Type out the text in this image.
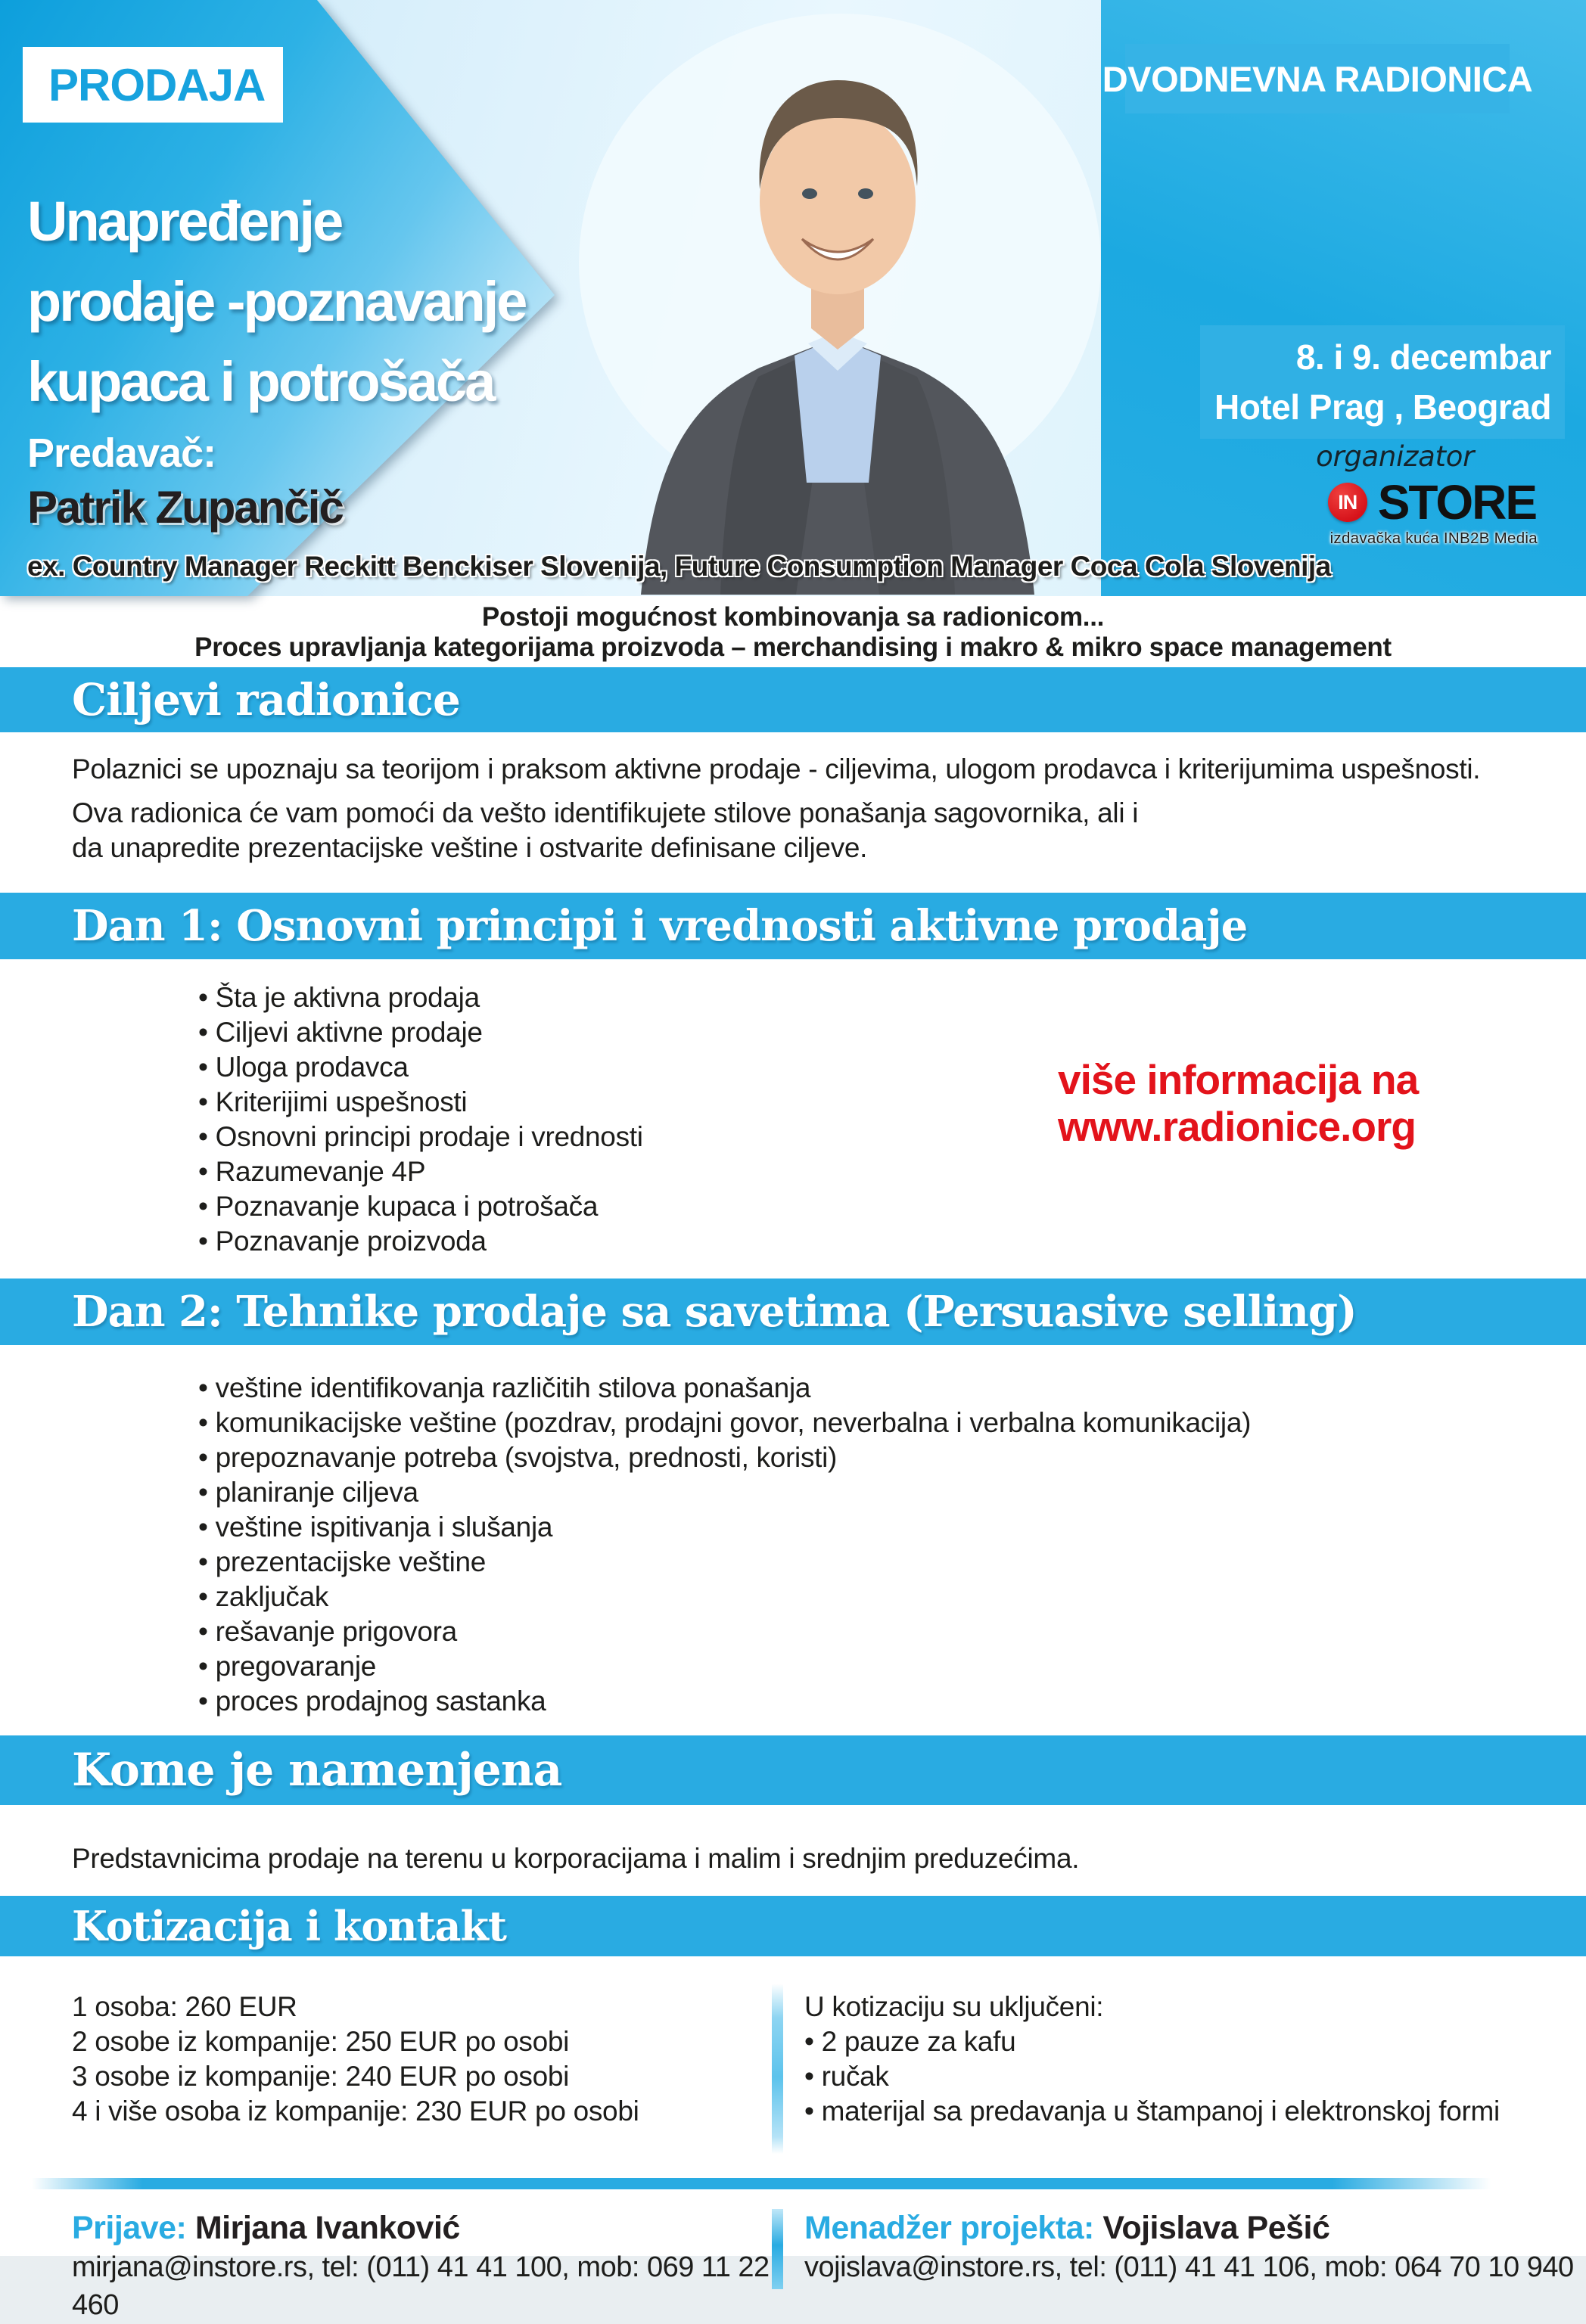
DVODNEVNA RADIONICA
8. i 9. decembar
Hotel Prag , Beograd
organizator
IN STORE
izdavačka kuća INB2B Media
PRODAJA
Unapređenje
prodaje -poznavanje
kupaca i potrošača
Predavač:
Patrik Zupančič
ex. Country Manager Reckitt Benckiser Slovenija, Future Consumption Manager Coca Cola Slovenija
Postoji mogućnost kombinovanja sa radionicom...
Proces upravljanja kategorijama proizvoda – merchandising i makro & mikro space management
Ciljevi radionice

Polaznici se upoznaju sa teorijom i praksom aktivne prodaje - ciljevima, ulogom prodavca i kriterijumima uspešnosti.

Ova radionica će vam pomoći da vešto identifikujete stilove ponašanja sagovornika, ali i da unapredite prezentacijske veštine i ostvarite definisane ciljeve.

Dan 1: Osnovni principi i vrednosti aktivne prodaje
• Šta je aktivna prodaja
• Ciljevi aktivne prodaje
• Uloga prodavca
• Kriterijimi uspešnosti
• Osnovni principi prodaje i vrednosti
• Razumevanje 4P
• Poznavanje kupaca i potrošača
• Poznavanje proizvoda
više informacija na
www.radionice.org
Dan 2: Tehnike prodaje sa savetima (Persuasive selling)
• veštine identifikovanja različitih stilova ponašanja
• komunikacijske veštine (pozdrav, prodajni govor, neverbalna i verbalna komunikacija)
• prepoznavanje potreba (svojstva, prednosti, koristi)
• planiranje ciljeva
• veštine ispitivanja i slušanja
• prezentacijske veštine
• zaključak
• rešavanje prigovora
• pregovaranje
• proces prodajnog sastanka
Kome je namenjena
Predstavnicima prodaje na terenu u korporacijama i malim i srednjim preduzećima.
Kotizacija i kontakt
1 osoba: 260 EUR
2 osobe iz kompanije: 250 EUR po osobi
3 osobe iz kompanije: 240 EUR po osobi
4 i više osoba iz kompanije: 230 EUR po osobi
U kotizaciju su uključeni:
• 2 pauze za kafu
• ručak
• materijal sa predavanja u štampanoj i elektronskoj formi
Prijave: Mirjana Ivanković
mirjana@instore.rs, tel: (011) 41 41 100, mob: 069 11 22 460
Menadžer projekta: Vojislava Pešić
vojislava@instore.rs, tel: (011) 41 41 106, mob: 064 70 10 940
